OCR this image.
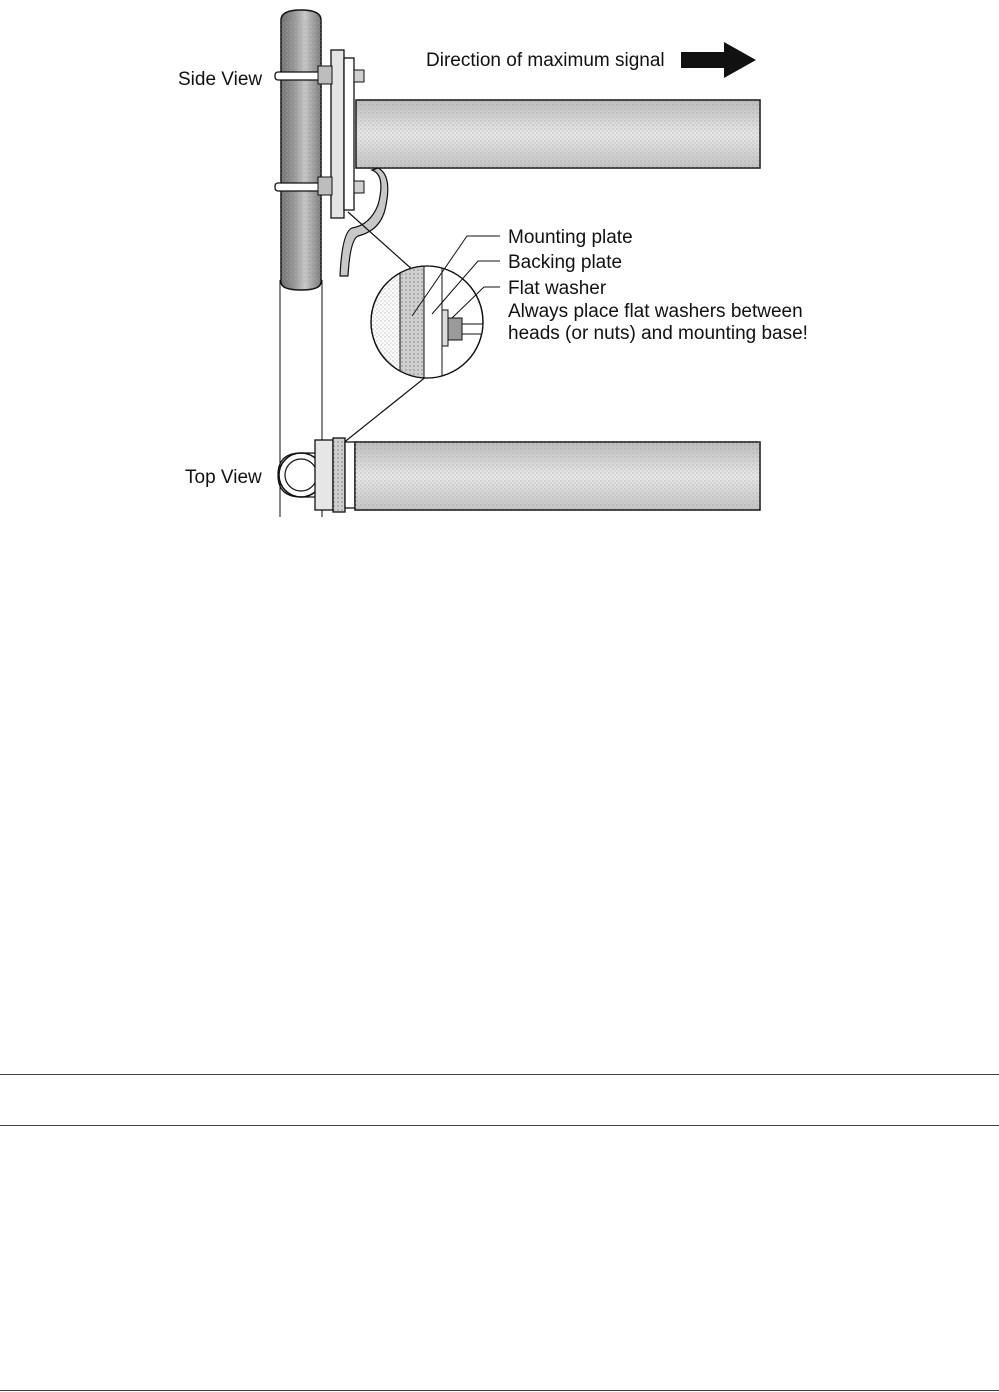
Side View
Top View
Direction of maximum signal
Mounting plate
Backing plate
Flat washer
Always place flat washers between
heads (or nuts) and mounting base!
